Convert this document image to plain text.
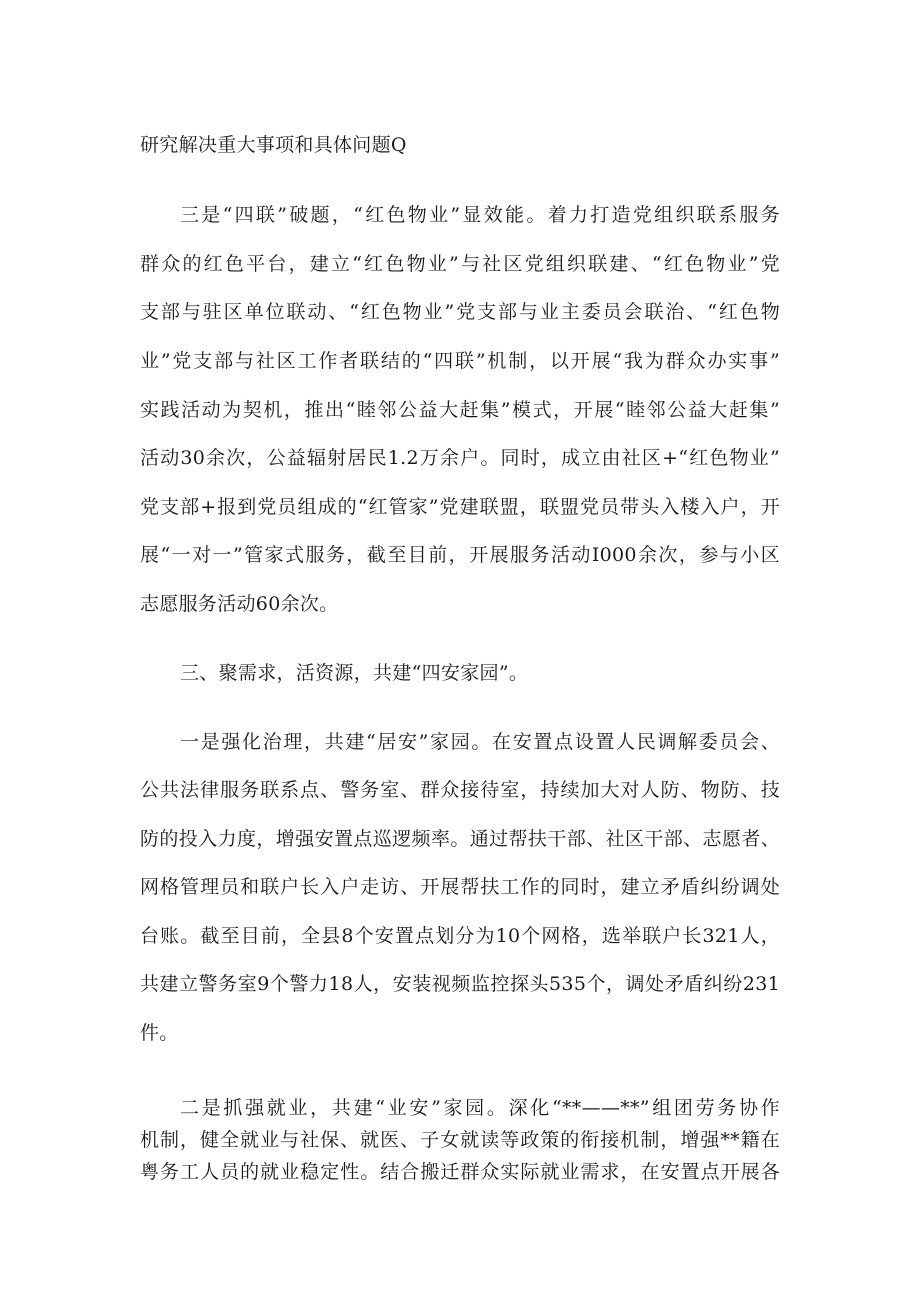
研究解决重大事项和具体问题Q
三是“四联”破题，“红色物业”显效能。着力打造党组织联系服务
群众的红色平台，建立“红色物业”与社区党组织联建、“红色物业”党
支部与驻区单位联动、“红色物业”党支部与业主委员会联治、“红色物
业”党支部与社区工作者联结的“四联”机制，以开展“我为群众办实事”
实践活动为契机，推出“睦邻公益大赶集”模式，开展“睦邻公益大赶集”
活动30余次，公益辐射居民1.2万余户。同时，成立由社区+“红色物业”
党支部+报到党员组成的“红管家”党建联盟，联盟党员带头入楼入户，开
展“一对一”管家式服务，截至目前，开展服务活动I000余次，参与小区
志愿服务活动60余次。
三、聚需求，活资源，共建“四安家园”。
一是强化治理，共建“居安”家园。在安置点设置人民调解委员会、
公共法律服务联系点、警务室、群众接待室，持续加大对人防、物防、技
防的投入力度，增强安置点巡逻频率。通过帮扶干部、社区干部、志愿者、
网格管理员和联户长入户走访、开展帮扶工作的同时，建立矛盾纠纷调处
台账。截至目前，全县8个安置点划分为10个网格，选举联户长321人，
共建立警务室9个警力18人，安装视频监控探头535个，调处矛盾纠纷231
件。
二是抓强就业，共建“业安”家园。深化“**——**”组团劳务协作
机制，健全就业与社保、就医、子女就读等政策的衔接机制，增强**籍在
粤务工人员的就业稳定性。结合搬迁群众实际就业需求，在安置点开展各
